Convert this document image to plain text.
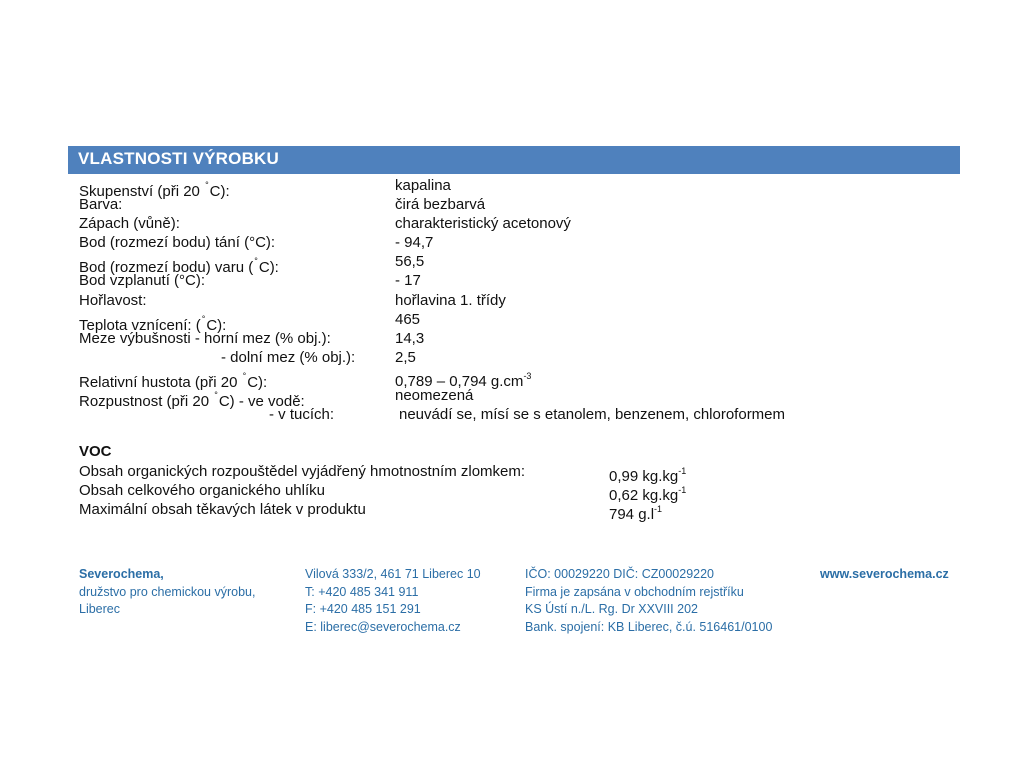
VLASTNOSTI VÝROBKU
Skupenství (při 20 °C):	kapalina
Barva:	čirá bezbarvá
Zápach (vůně):	charakteristický acetonový
Bod (rozmezí bodu) tání (°C):	- 94,7
Bod (rozmezí bodu) varu (°C):	56,5
Bod vzplanutí (°C):	- 17
Hořlavost:	hořlavina 1. třídy
Teplota vznícení: (°C):	465
Meze výbušnosti - horní mez (% obj.):	14,3
- dolní mez (% obj.):	2,5
Relativní hustota (při 20 °C):	0,789 – 0,794 $g.cm^{-3}$
Rozpustnost (při 20 °C) - ve vodě:	neomezená
- v tucích:	neuvádí se, mísí se s etanolem, benzenem, chloroformem
VOC
Obsah organických rozpouštědel vyjádřený hmotnostním zlomkem:	0,99 $kg.kg^{-1}$
Obsah celkového organického uhlíku	0,62 $kg.kg^{-1}$
Maximální obsah těkavých látek v produktu	794 $g.l^{-1}$
Severochema,
družstvo pro chemickou výrobu,
Liberec
Vilová 333/2, 461 71 Liberec 10
T: +420 485 341 911
F: +420 485 151 291
E: liberec@severochema.cz
IČO: 00029220 DIČ: CZ00029220
Firma je zapsána v obchodním rejstříku
KS Ústí n./L. Rg. Dr XXVIII 202
Bank. spojení: KB Liberec, č.ú. 516461/0100
www.severochema.cz
